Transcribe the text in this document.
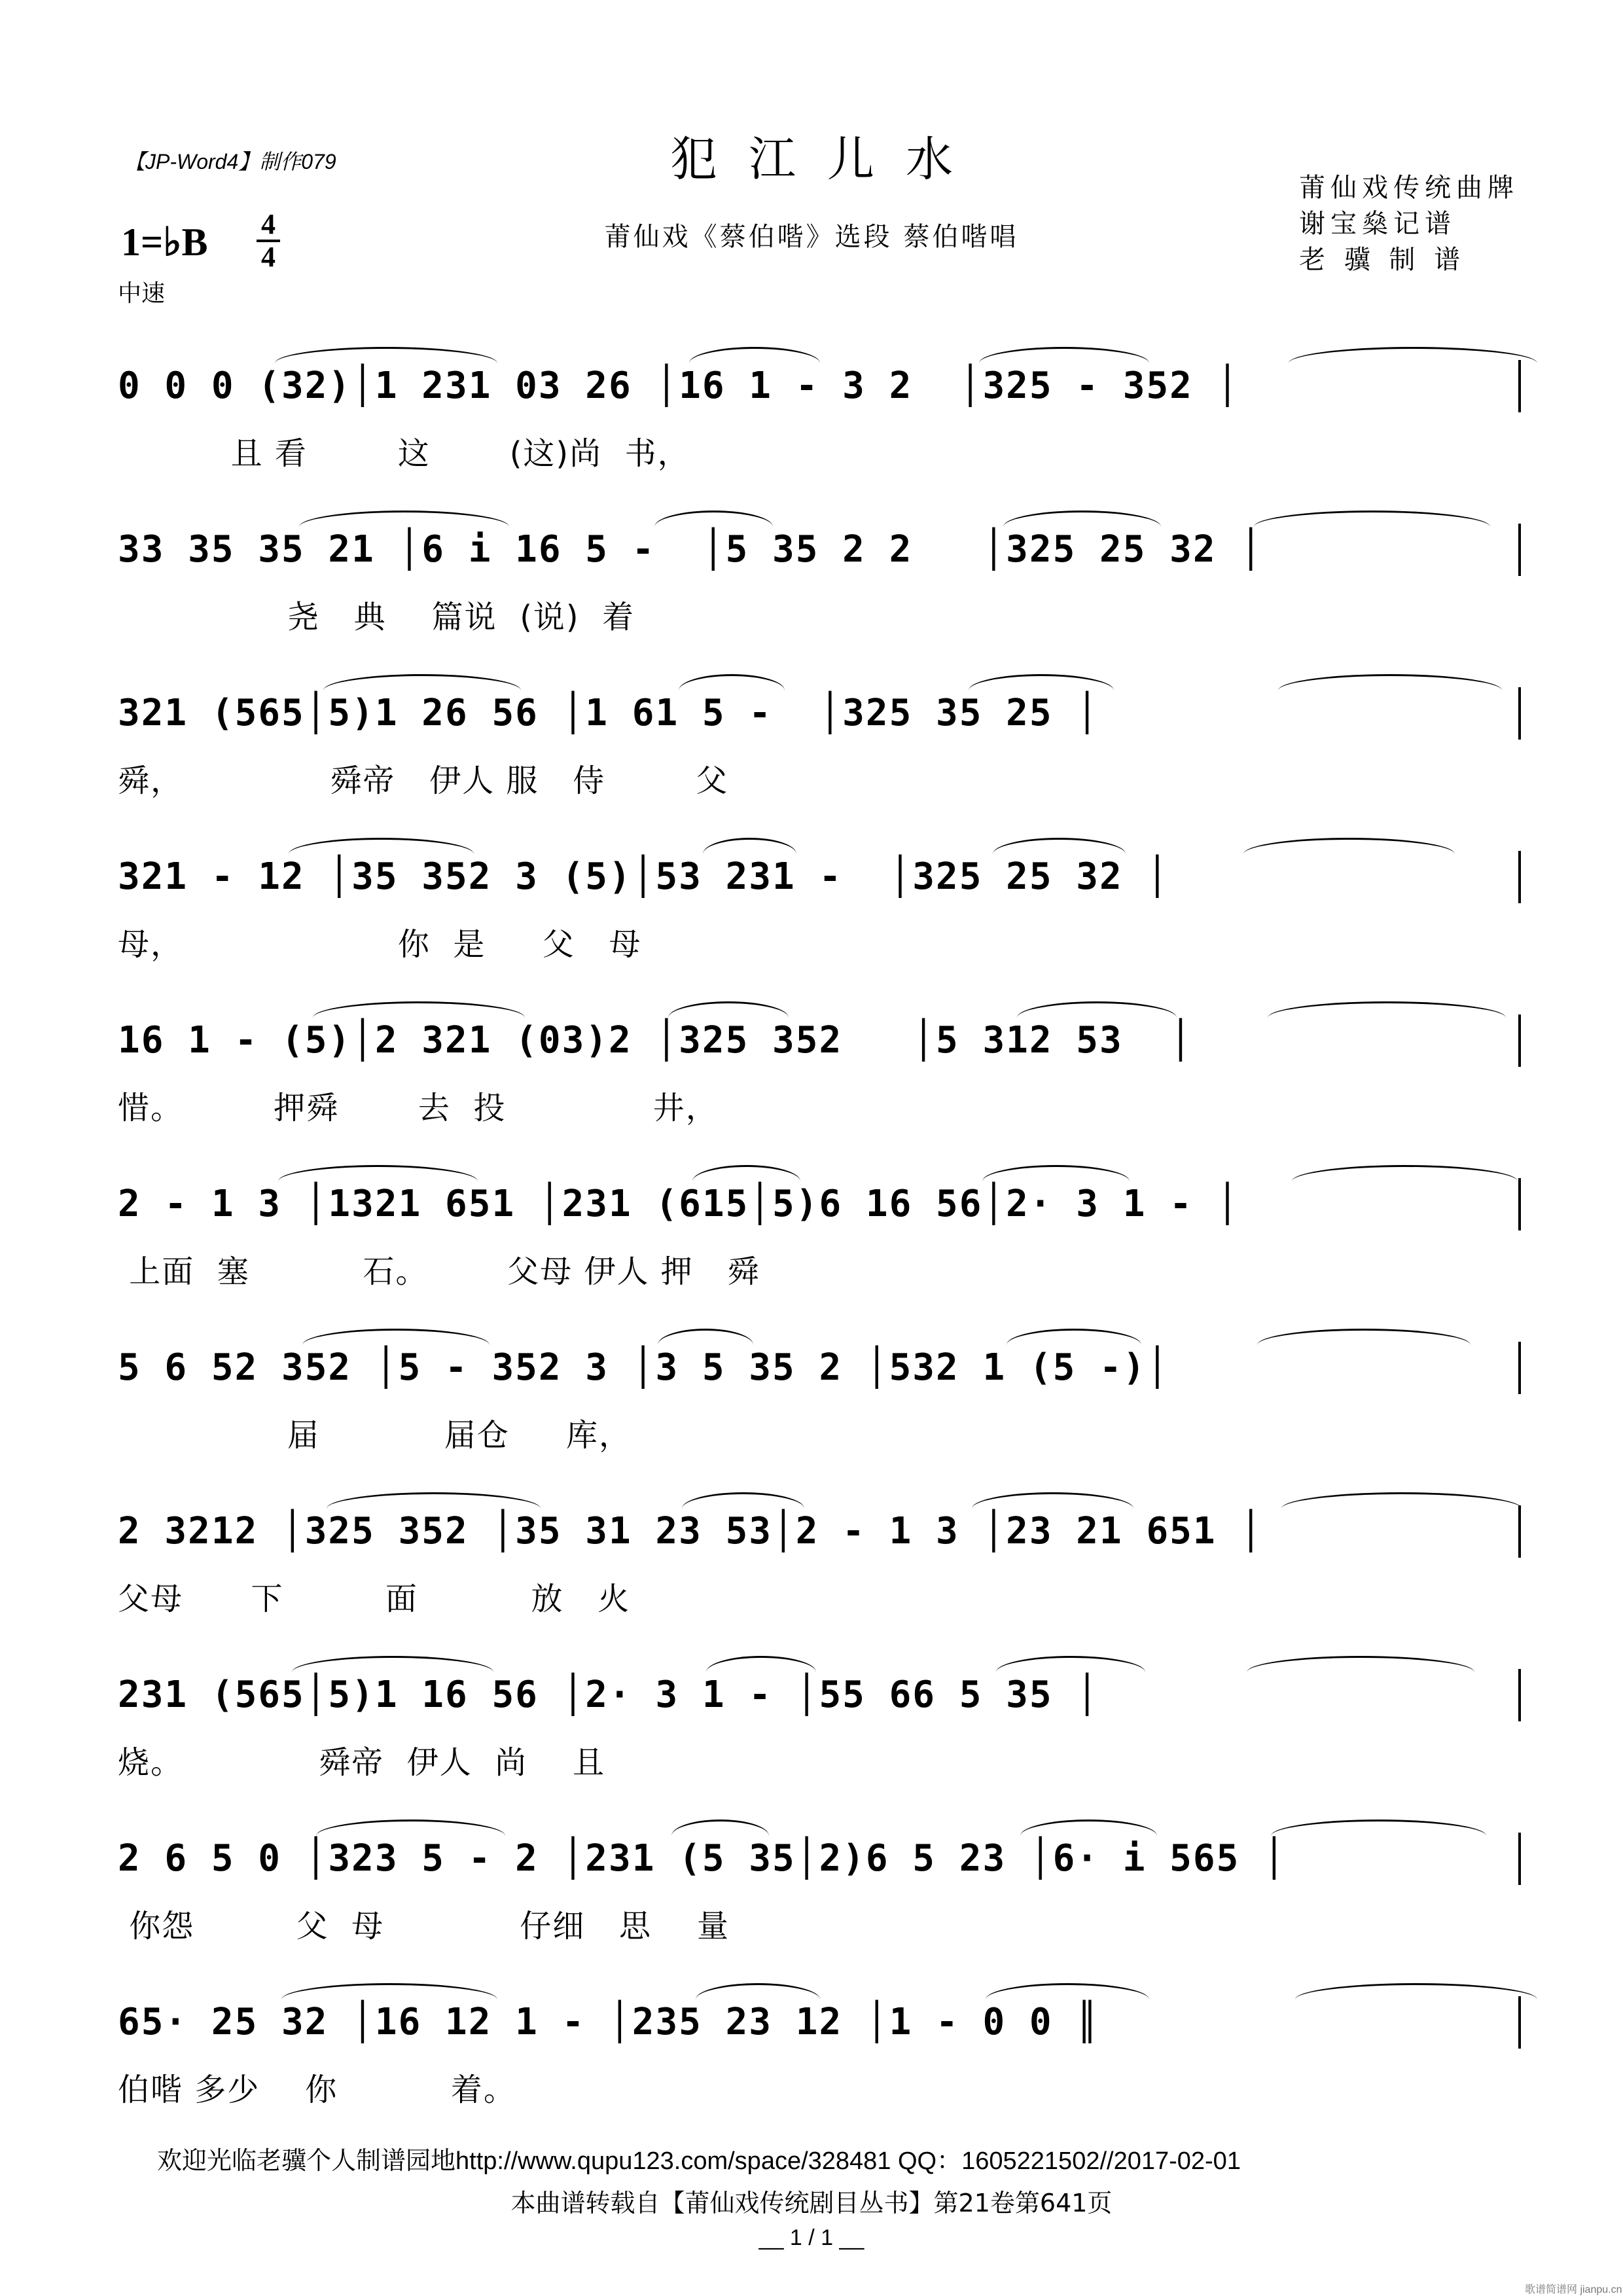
【JP-Word4】制作079	犯江儿水
莆仙戏《蔡伯喈》选段 蔡伯喈唱
莆仙戏传统曲牌
谢宝燊记谱
老 骥 制 谱
1=♭B 4
4
中速
0 0 0 (32)│1 231 03 26 │16 1 - 3 2  │325 - 352 │
且 看        这       (这)尚  书，
33 35 35 21 │6 i 16 5 -  │5 35 2 2   │325 25 32 │
尧   典    篇说  (说)  着
321 (565│5)1 26 56 │1 61 5 -  │325 35 25 │
舜，             舜帝   伊人 服   侍        父
321 - 12 │35 352 3 (5)│53 231 -  │325 25 32 │
母，                   你  是     父   母
16 1 - (5)│2 321 (03)2 │325 352   │5 312 53  │
惜。        押舜       去  投             井，
2 - 1 3 │1321 651 │231 (615│5)6 16 56│2· 3 1 - │
上面  塞          石。       父母 伊人 押   舜
5 6 52 352 │5 - 352 3 │3 5 35 2 │532 1 (5 -)│
届           届仓     库，
2 3212 │325 352 │35 31 23 53│2 - 1 3 │23 21 651 │
父母      下         面          放   火
231 (565│5)1 16 56 │2· 3 1 - │55 66 5 35 │
烧。            舜帝  伊人  尚    且
2 6 5 0 │323 5 - 2 │231 (5 35│2)6 5 23 │6· i 565 │
你怨         父  母            仔细   思    量
65· 25 32 │16 12 1 - │235 23 12 │1 - 0 0 ║
伯喈 多少    你          着。
欢迎光临老骥个人制谱园地http://www.qupu123.com/space/328481 QQ：1605221502//2017-02-01
本曲谱转载自【莆仙戏传统剧目丛书】第21卷第641页
__ 1 / 1 __
歌谱简谱网 jianpu.cn
